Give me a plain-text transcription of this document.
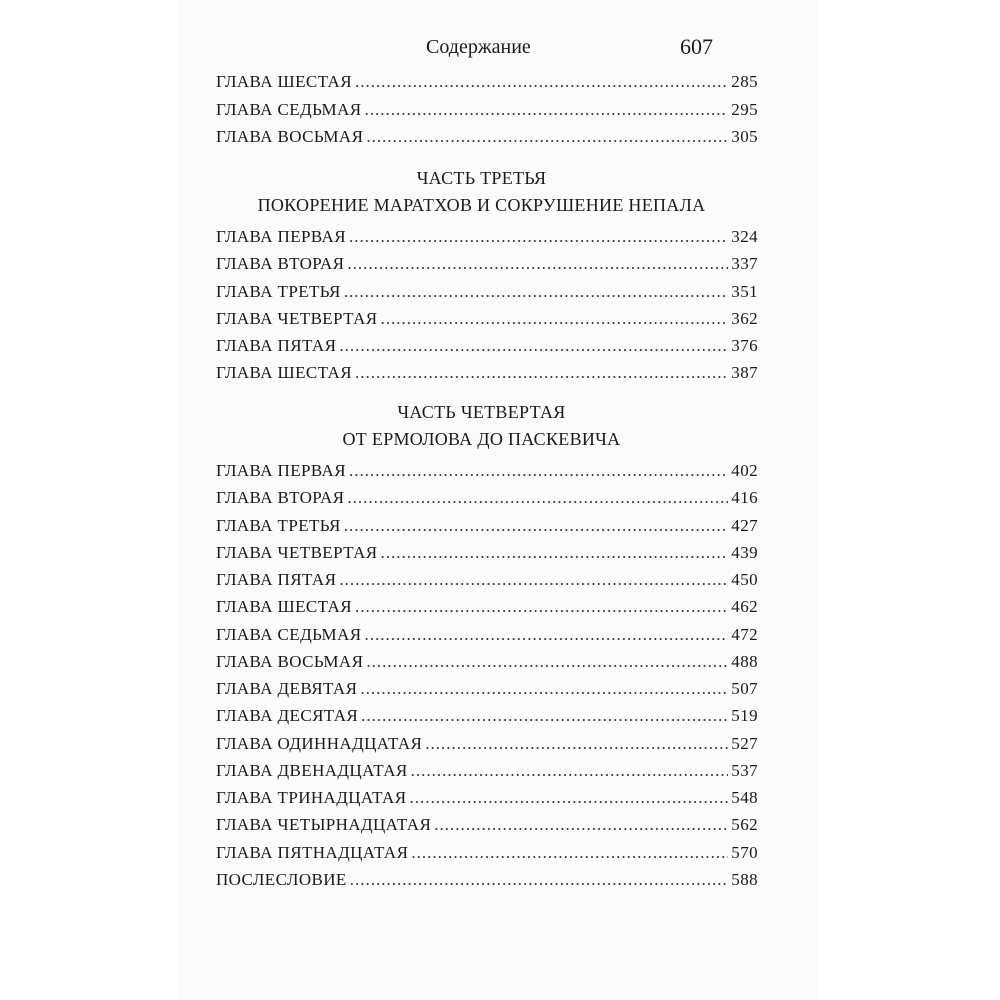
Содержание	607
ГЛАВА ШЕСТАЯ .....	285
ГЛАВА СЕДЬМАЯ .....	295
ГЛАВА ВОСЬМАЯ .....	305
ЧАСТЬ ТРЕТЬЯ
ПОКОРЕНИЕ МАРАТХОВ И СОКРУШЕНИЕ НЕПАЛА
ГЛАВА ПЕРВАЯ .....	324
ГЛАВА ВТОРАЯ .....	337
ГЛАВА ТРЕТЬЯ .....	351
ГЛАВА ЧЕТВЕРТАЯ .....	362
ГЛАВА ПЯТАЯ .....	376
ГЛАВА ШЕСТАЯ .....	387
ЧАСТЬ ЧЕТВЕРТАЯ
ОТ ЕРМОЛОВА ДО ПАСКЕВИЧА
ГЛАВА ПЕРВАЯ .....	402
ГЛАВА ВТОРАЯ .....	416
ГЛАВА ТРЕТЬЯ .....	427
ГЛАВА ЧЕТВЕРТАЯ .....	439
ГЛАВА ПЯТАЯ .....	450
ГЛАВА ШЕСТАЯ .....	462
ГЛАВА СЕДЬМАЯ .....	472
ГЛАВА ВОСЬМАЯ .....	488
ГЛАВА ДЕВЯТАЯ .....	507
ГЛАВА ДЕСЯТАЯ .....	519
ГЛАВА ОДИННАДЦАТАЯ .....	527
ГЛАВА ДВЕНАДЦАТАЯ .....	537
ГЛАВА ТРИНАДЦАТАЯ .....	548
ГЛАВА ЧЕТЫРНАДЦАТАЯ .....	562
ГЛАВА ПЯТНАДЦАТАЯ .....	570
ПОСЛЕСЛОВИЕ .....	588
